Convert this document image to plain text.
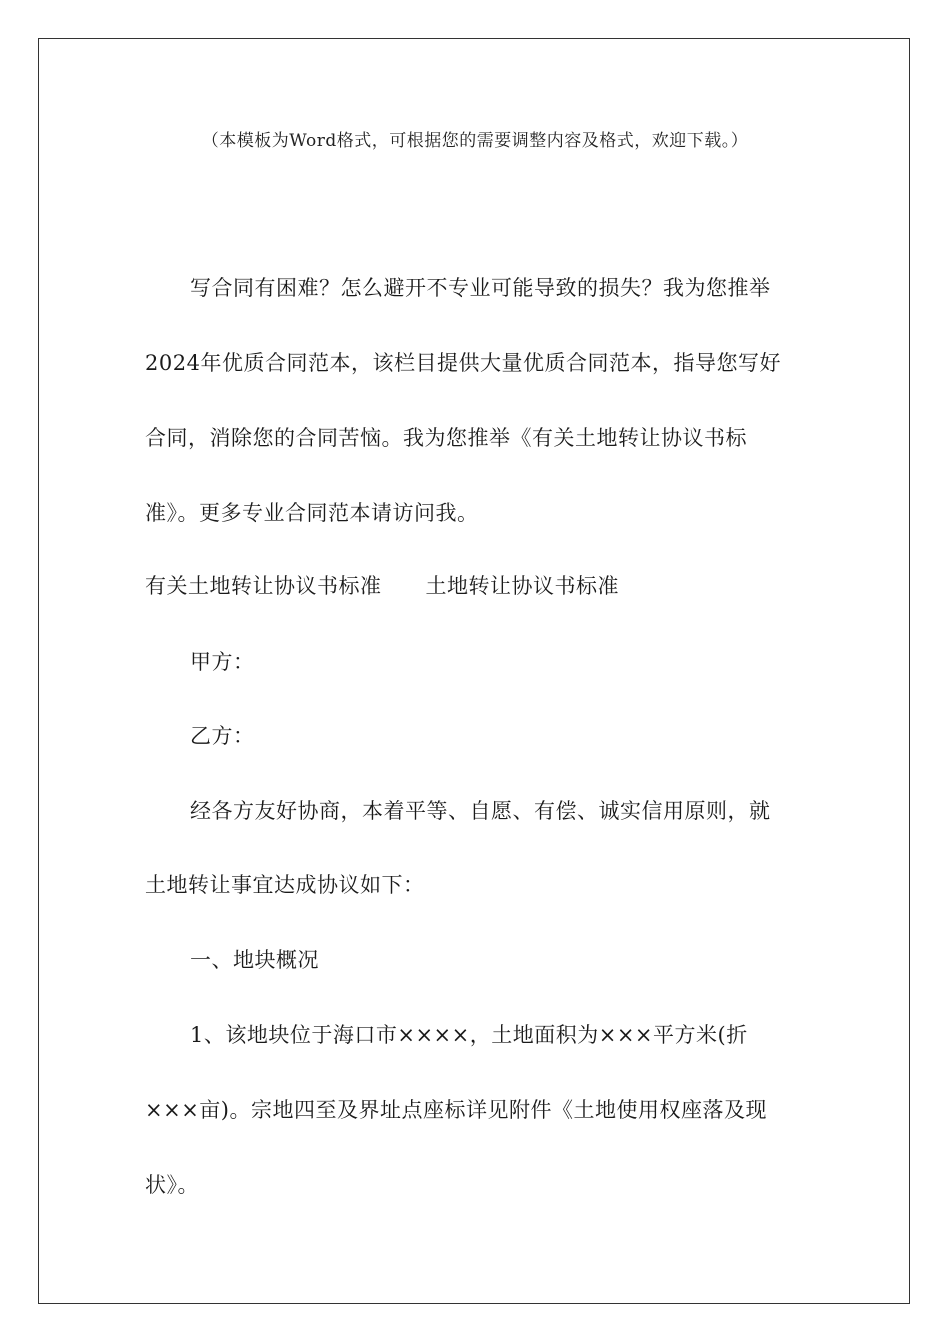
（本模板为Word格式，可根据您的需要调整内容及格式，欢迎下载。）
写合同有困难？怎么避开不专业可能导致的损失？我为您推举
2024年优质合同范本，该栏目提供大量优质合同范本，指导您写好
合同，消除您的合同苦恼。我为您推举《有关土地转让协议书标
准》。更多专业合同范本请访问我。
有关土地转让协议书标准 土地转让协议书标准
甲方：
乙方：
经各方友好协商，本着平等、自愿、有偿、诚实信用原则，就
土地转让事宜达成协议如下：
一、地块概况
1、该地块位于海口市××××，土地面积为×××平方米(折
×××亩)。宗地四至及界址点座标详见附件《土地使用权座落及现
状》。
